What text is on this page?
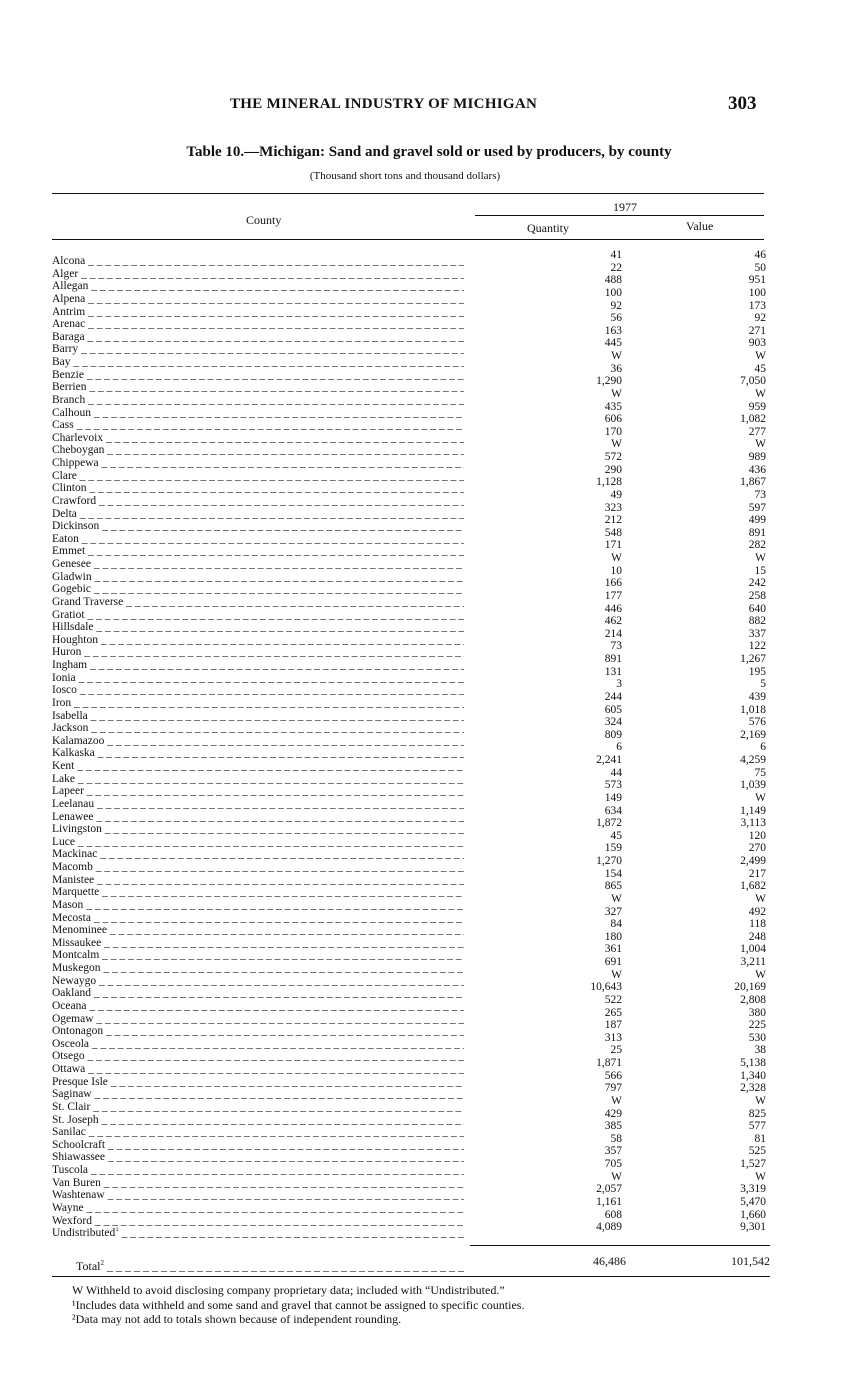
THE MINERAL INDUSTRY OF MICHIGAN	303
Table 10.—Michigan: Sand and gravel sold or used by producers, by county
(Thousand short tons and thousand dollars)
County
1977
Quantity	Value
Alcona _ _ _	41	46
Alger _ _ _	22	50
Allegan _ _ _	488	951
Alpena _ _ _	100	100
Antrim _ _ _	92	173
Arenac _ _ _	56	92
Baraga _ _ _	163	271
Barry _ _ _	445	903
Bay _ _ _	W	W
Benzie _ _ _	36	45
Berrien _ _ _	1,290	7,050
Branch _ _ _	W	W
Calhoun _ _ _	435	959
Cass _ _ _	606	1,082
Charlevoix _ _ _	170	277
Cheboygan _ _ _	W	W
Chippewa _ _ _	572	989
Clare _ _ _	290	436
Clinton _ _ _	1,128	1,867
Crawford _ _ _	49	73
Delta _ _ _	323	597
Dickinson _ _ _	212	499
Eaton _ _ _	548	891
Emmet _ _ _	171	282
Genesee _ _ _	W	W
Gladwin _ _ _	10	15
Gogebic _ _ _	166	242
Grand Traverse _ _ _	177	258
Gratiot _ _ _	446	640
Hillsdale _ _ _	462	882
Houghton _ _ _	214	337
Huron _ _ _	73	122
Ingham _ _ _	891	1,267
Ionia _ _ _	131	195
Iosco _ _ _	3	5
Iron _ _ _	244	439
Isabella _ _ _	605	1,018
Jackson _ _ _	324	576
Kalamazoo _ _ _	809	2,169
Kalkaska _ _ _	6	6
Kent _ _ _	2,241	4,259
Lake _ _ _	44	75
Lapeer _ _ _	573	1,039
Leelanau _ _ _	149	W
Lenawee _ _ _	634	1,149
Livingston _ _ _	1,872	3,113
Luce _ _ _	45	120
Mackinac _ _ _	159	270
Macomb _ _ _	1,270	2,499
Manistee _ _ _	154	217
Marquette _ _ _	865	1,682
Mason _ _ _	W	W
Mecosta _ _ _	327	492
Menominee _ _ _	84	118
Missaukee _ _ _	180	248
Montcalm _ _ _	361	1,004
Muskegon _ _ _	691	3,211
Newaygo _ _ _	W	W
Oakland _ _ _	10,643	20,169
Oceana _ _ _	522	2,808
Ogemaw _ _ _	265	380
Ontonagon _ _ _	187	225
Osceola _ _ _	313	530
Otsego _ _ _	25	38
Ottawa _ _ _	1,871	5,138
Presque Isle _ _ _	566	1,340
Saginaw _ _ _	797	2,328
St. Clair _ _ _	W	W
St. Joseph _ _ _	429	825
Sanilac _ _ _	385	577
Schoolcraft _ _ _	58	81
Shiawassee _ _ _	357	525
Tuscola _ _ _	705	1,527
Van Buren _ _ _	W	W
Washtenaw _ _ _	2,057	3,319
Wayne _ _ _	1,161	5,470
Wexford _ _ _	608	1,660
Undistributed$^1$ _ _ _	4,089	9,301
Total$^2$ _ _ _	46,486	101,542
W Withheld to avoid disclosing company proprietary data; included with “Undistributed.”
¹Includes data withheld and some sand and gravel that cannot be assigned to specific counties.
²Data may not add to totals shown because of independent rounding.
